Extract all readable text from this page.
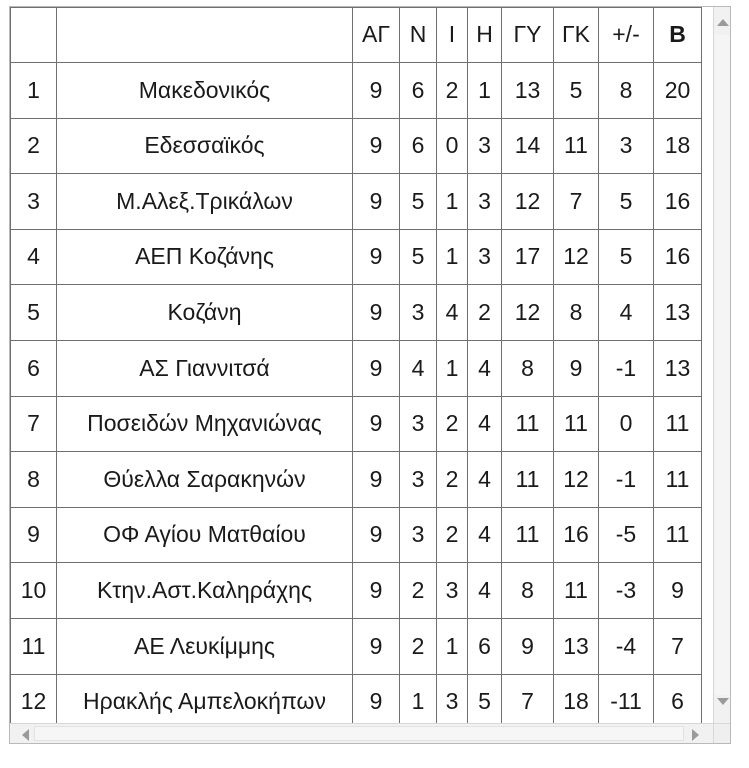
		ΑΓ	Ν	Ι	Η	ΓΥ	ΓΚ	+/-	Β
1	Μακεδονικός	9	6	2	1	13	5	8	20
2	Εδεσσαϊκός	9	6	0	3	14	11	3	18
3	Μ.Αλεξ.Τρικάλων	9	5	1	3	12	7	5	16
4	ΑΕΠ Κοζάνης	9	5	1	3	17	12	5	16
5	Κοζάνη	9	3	4	2	12	8	4	13
6	ΑΣ Γιαννιτσά	9	4	1	4	8	9	-1	13
7	Ποσειδών Μηχανιώνας	9	3	2	4	11	11	0	11
8	Θύελλα Σαρακηνών	9	3	2	4	11	12	-1	11
9	ΟΦ Αγίου Ματθαίου	9	3	2	4	11	16	-5	11
10	Κτην.Αστ.Καληράχης	9	2	3	4	8	11	-3	9
11	ΑΕ Λευκίμμης	9	2	1	6	9	13	-4	7
12	Ηρακλής Αμπελοκήπων	9	1	3	5	7	18	-11	6
